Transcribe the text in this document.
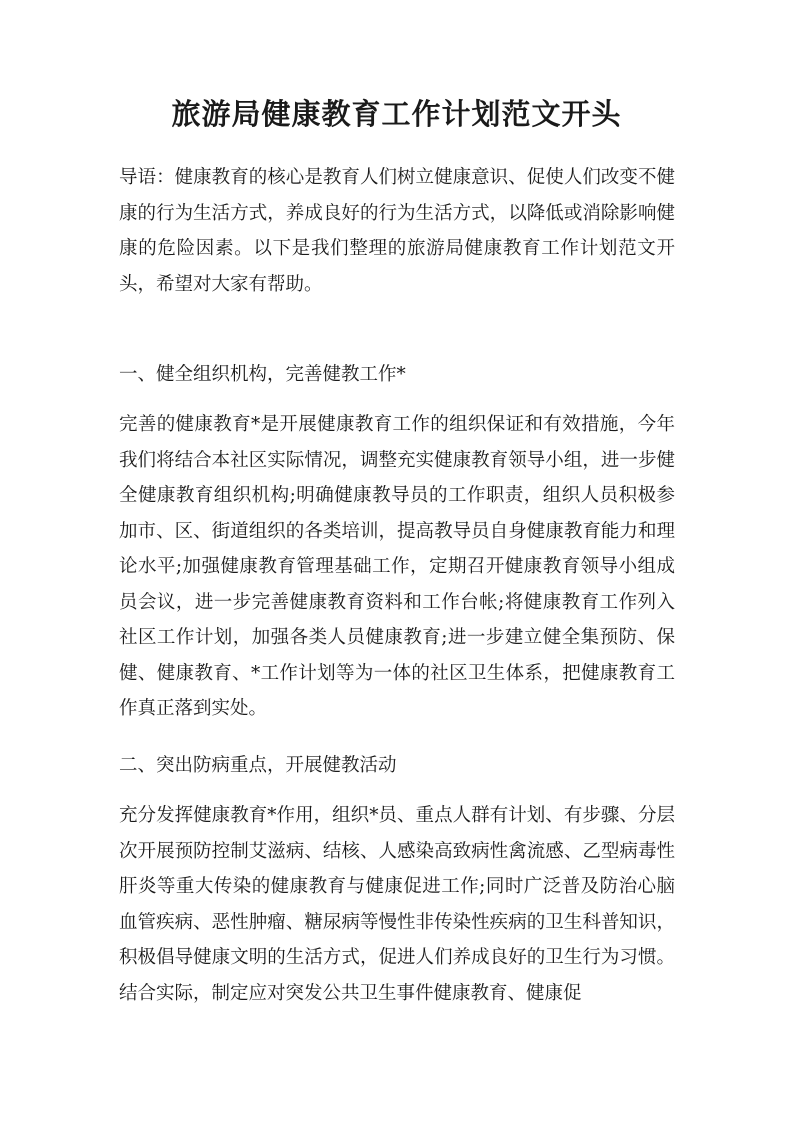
旅游局健康教育工作计划范文开头

导语：健康教育的核心是教育人们树立健康意识、促使人们改变不健康的行为生活方式，养成良好的行为生活方式，以降低或消除影响健康的危险因素。以下是我们整理的旅游局健康教育工作计划范文开头，希望对大家有帮助。

一、健全组织机构，完善健教工作*

完善的健康教育*是开展健康教育工作的组织保证和有效措施，今年我们将结合本社区实际情况，调整充实健康教育领导小组，进一步健全健康教育组织机构;明确健康教导员的工作职责，组织人员积极参加市、区、街道组织的各类培训，提高教导员自身健康教育能力和理论水平;加强健康教育管理基础工作，定期召开健康教育领导小组成员会议，进一步完善健康教育资料和工作台帐;将健康教育工作列入社区工作计划，加强各类人员健康教育;进一步建立健全集预防、保健、健康教育、*工作计划等为一体的社区卫生体系，把健康教育工作真正落到实处。

二、突出防病重点，开展健教活动

充分发挥健康教育*作用，组织*员、重点人群有计划、有步骤、分层次开展预防控制艾滋病、结核、人感染高致病性禽流感、乙型病毒性肝炎等重大传染的健康教育与健康促进工作;同时广泛普及防治心脑血管疾病、恶性肿瘤、糖尿病等慢性非传染性疾病的卫生科普知识，积极倡导健康文明的生活方式，促进人们养成良好的卫生行为习惯。结合实际，制定应对突发公共卫生事件健康教育、健康促
